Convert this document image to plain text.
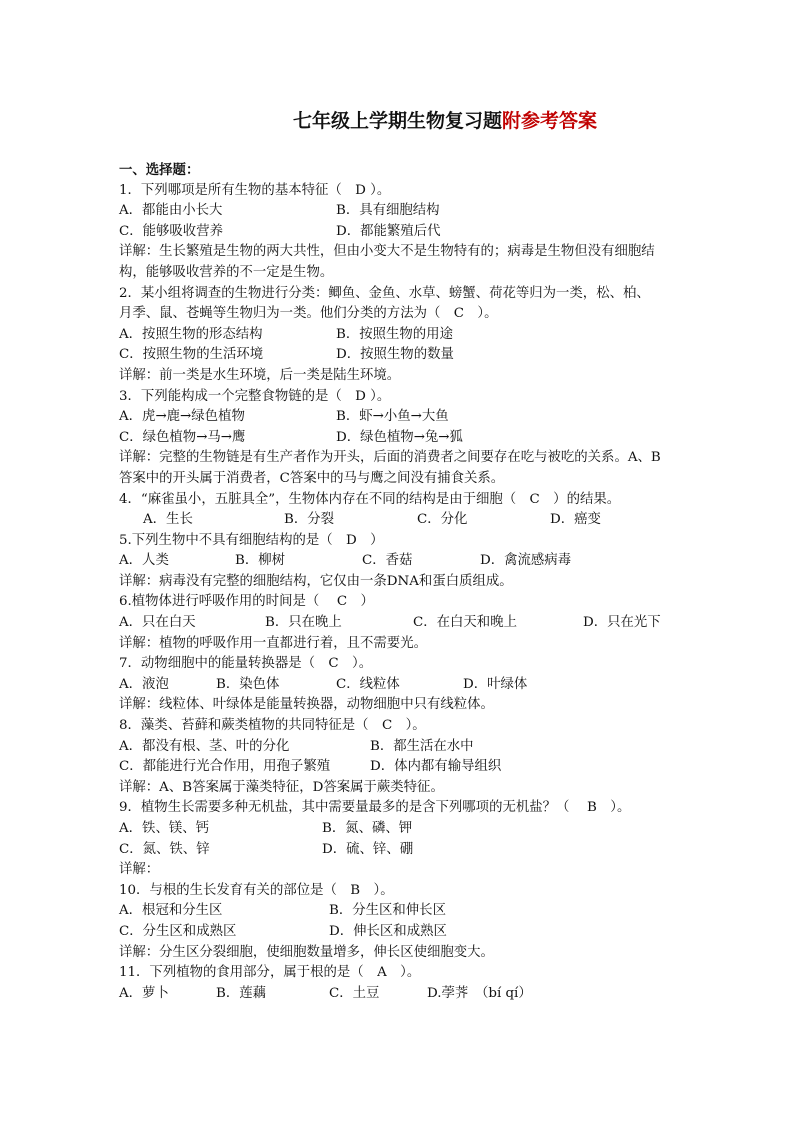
七年级上学期生物复习题附参考答案
一、选择题：
1．下列哪项是所有生物的基本特征（　D ）。
A．都能由小长大	B．具有细胞结构
C．能够吸收营养	D．都能繁殖后代
详解：生长繁殖是生物的两大共性，但由小变大不是生物特有的；病毒是生物但没有细胞结
构，能够吸收营养的不一定是生物。
2．某小组将调查的生物进行分类：鲫鱼、金鱼、水草、螃蟹、荷花等归为一类，松、柏、
月季、鼠、苍蝇等生物归为一类。他们分类的方法为（　C　）。
A．按照生物的形态结构	B．按照生物的用途
C．按照生物的生活环境	D．按照生物的数量
详解：前一类是水生环境，后一类是陆生环境。
3．下列能构成一个完整食物链的是（　D ）。
A．虎→鹿→绿色植物	B．虾→小鱼→大鱼
C．绿色植物→马→鹰	D．绿色植物→兔→狐
详解：完整的生物链是有生产者作为开头，后面的消费者之间要存在吃与被吃的关系。A、B
答案中的开头属于消费者，C答案中的马与鹰之间没有捕食关系。
4．“麻雀虽小，五脏具全”，生物体内存在不同的结构是由于细胞（　C　）的结果。
A．生长	B．分裂	C．分化	D．癌变
5.下列生物中不具有细胞结构的是（　D　）
A．人类	B．柳树	C．香菇	D．禽流感病毒
详解：病毒没有完整的细胞结构，它仅由一条DNA和蛋白质组成。
6.植物体进行呼吸作用的时间是（　 C　）
A．只在白天	B．只在晚上	C．在白天和晚上	D．只在光下
详解：植物的呼吸作用一直都进行着，且不需要光。
7．动物细胞中的能量转换器是（　C　）。
A．液泡	B．染色体	C．线粒体	D．叶绿体
详解：线粒体、叶绿体是能量转换器，动物细胞中只有线粒体。
8．藻类、苔藓和蕨类植物的共同特征是（　C　）。
A．都没有根、茎、叶的分化	B．都生活在水中
C．都能进行光合作用，用孢子繁殖	D．体内都有输导组织
详解：A、B答案属于藻类特征，D答案属于蕨类特征。
9．植物生长需要多种无机盐，其中需要量最多的是含下列哪项的无机盐？（　 B　）。
A．铁、镁、钙	B．氮、磷、钾
C．氮、铁、锌	D．硫、锌、硼
详解：
10．与根的生长发育有关的部位是（　B　）。
A．根冠和分生区	B．分生区和伸长区
C．分生区和成熟区	D．伸长区和成熟区
详解：分生区分裂细胞，使细胞数量增多，伸长区使细胞变大。
11．下列植物的食用部分，属于根的是（　A　）。
A．萝卜	B．莲藕	C．土豆	D.荸荠　（bí qí）
